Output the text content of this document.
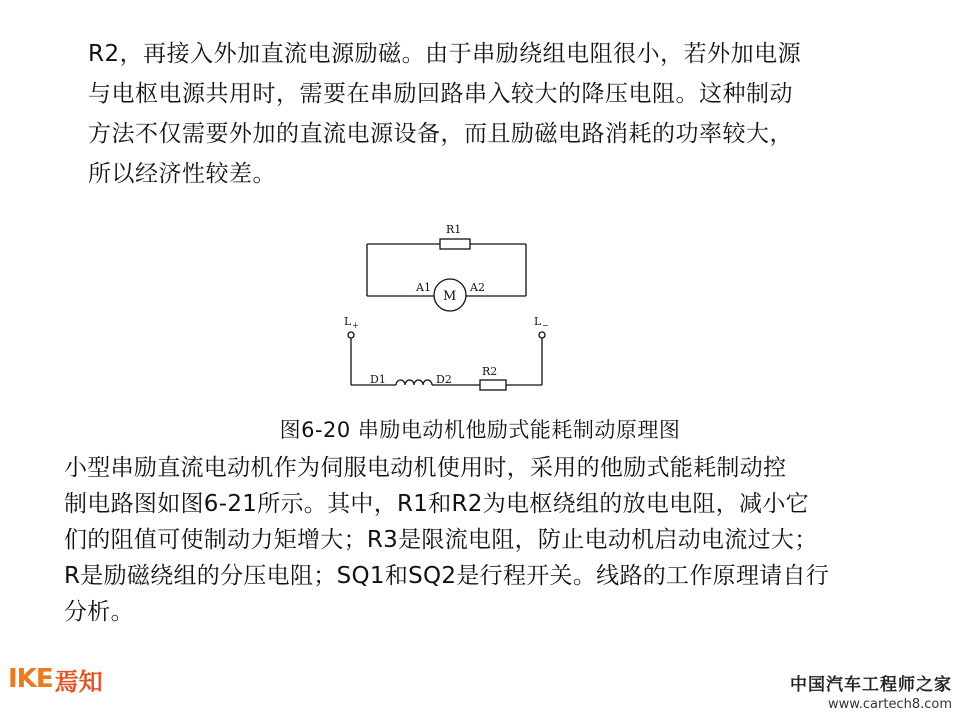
R2，再接入外加直流电源励磁。由于串励绕组电阻很小，若外加电源
与电枢电源共用时，需要在串励回路串入较大的降压电阻。这种制动
方法不仅需要外加的直流电源设备，而且励磁电路消耗的功率较大，
所以经济性较差。
R1
A1
M
A2
L +	L −
D1	D2
R2
图6-20 串励电动机他励式能耗制动原理图
小型串励直流电动机作为伺服电动机使用时，采用的他励式能耗制动控
制电路图如图6-21所示。其中，R1和R2为电枢绕组的放电电阻，减小它
们的阻值可使制动力矩增大；R3是限流电阻，防止电动机启动电流过大；
R是励磁绕组的分压电阻；SQ1和SQ2是行程开关。线路的工作原理请自行
分析。
IKE 焉知	中国汽车工程师之家
www.cartech8.com
